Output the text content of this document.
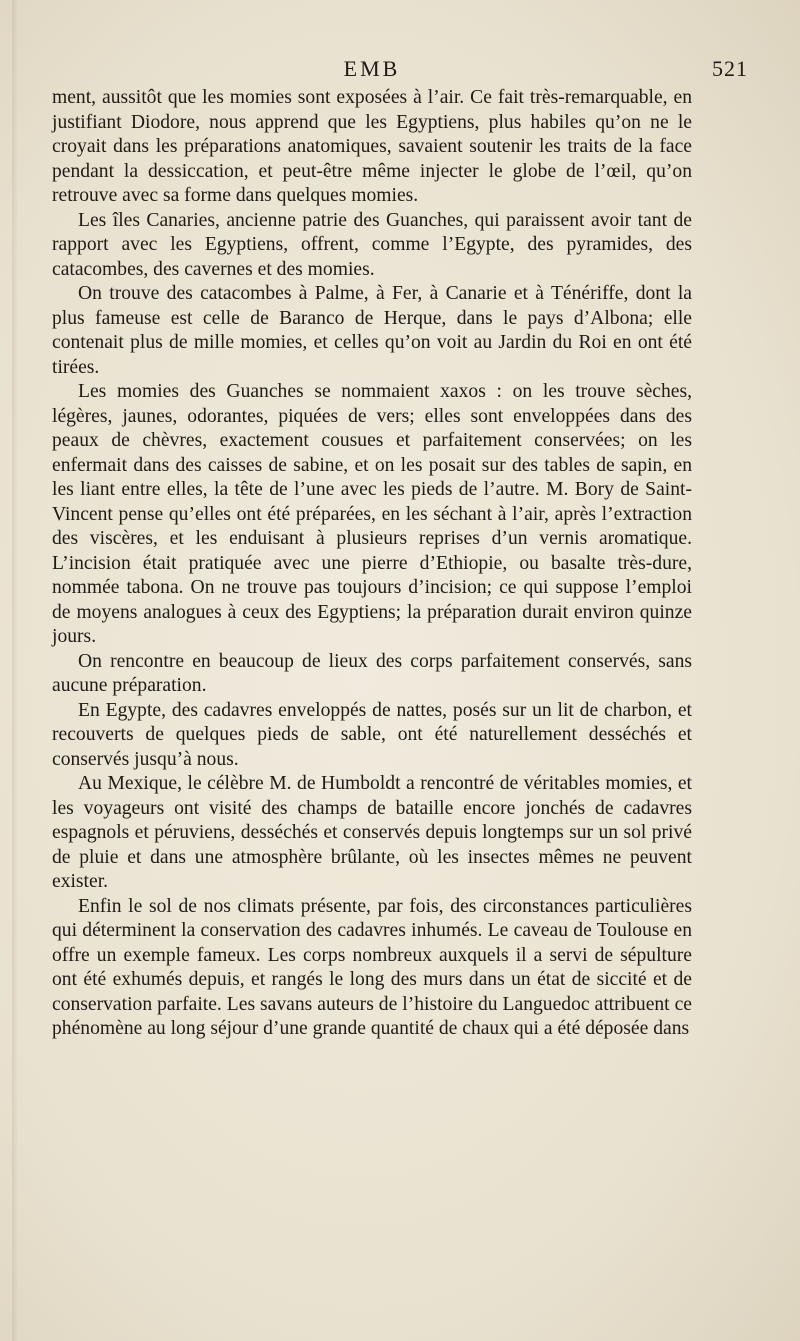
EMB	521

ment, aussitôt que les momies sont exposées à l’air. Ce fait très-remarquable, en justifiant Diodore, nous apprend que les Egyptiens, plus habiles qu’on ne le croyait dans les préparations anatomiques, savaient soutenir les traits de la face pendant la dessiccation, et peut-être même injecter le globe de l’œil, qu’on retrouve avec sa forme dans quelques momies.

Les îles Canaries, ancienne patrie des Guanches, qui paraissent avoir tant de rapport avec les Egyptiens, offrent, comme l’Egypte, des pyramides, des catacombes, des cavernes et des momies.

On trouve des catacombes à Palme, à Fer, à Canarie et à Ténériffe, dont la plus fameuse est celle de Baranco de Herque, dans le pays d’Albona; elle contenait plus de mille momies, et celles qu’on voit au Jardin du Roi en ont été tirées.

Les momies des Guanches se nommaient xaxos : on les trouve sèches, légères, jaunes, odorantes, piquées de vers; elles sont enveloppées dans des peaux de chèvres, exactement cousues et parfaitement conservées; on les enfermait dans des caisses de sabine, et on les posait sur des tables de sapin, en les liant entre elles, la tête de l’une avec les pieds de l’autre. M. Bory de Saint-Vincent pense qu’elles ont été préparées, en les séchant à l’air, après l’extraction des viscères, et les enduisant à plusieurs reprises d’un vernis aromatique. L’incision était pratiquée avec une pierre d’Ethiopie, ou basalte très-dure, nommée tabona. On ne trouve pas toujours d’incision; ce qui suppose l’emploi de moyens analogues à ceux des Egyptiens; la préparation durait environ quinze jours.

On rencontre en beaucoup de lieux des corps parfaitement conservés, sans aucune préparation.

En Egypte, des cadavres enveloppés de nattes, posés sur un lit de charbon, et recouverts de quelques pieds de sable, ont été naturellement desséchés et conservés jusqu’à nous.

Au Mexique, le célèbre M. de Humboldt a rencontré de véritables momies, et les voyageurs ont visité des champs de bataille encore jonchés de cadavres espagnols et péruviens, desséchés et conservés depuis longtemps sur un sol privé de pluie et dans une atmosphère brûlante, où les insectes mêmes ne peuvent exister.

Enfin le sol de nos climats présente, par fois, des circonstances particulières qui déterminent la conservation des cadavres inhumés. Le caveau de Toulouse en offre un exemple fameux. Les corps nombreux auxquels il a servi de sépulture ont été exhumés depuis, et rangés le long des murs dans un état de siccité et de conservation parfaite. Les savans auteurs de l’histoire du Languedoc attribuent ce phénomène au long séjour d’une grande quantité de chaux qui a été déposée dans
